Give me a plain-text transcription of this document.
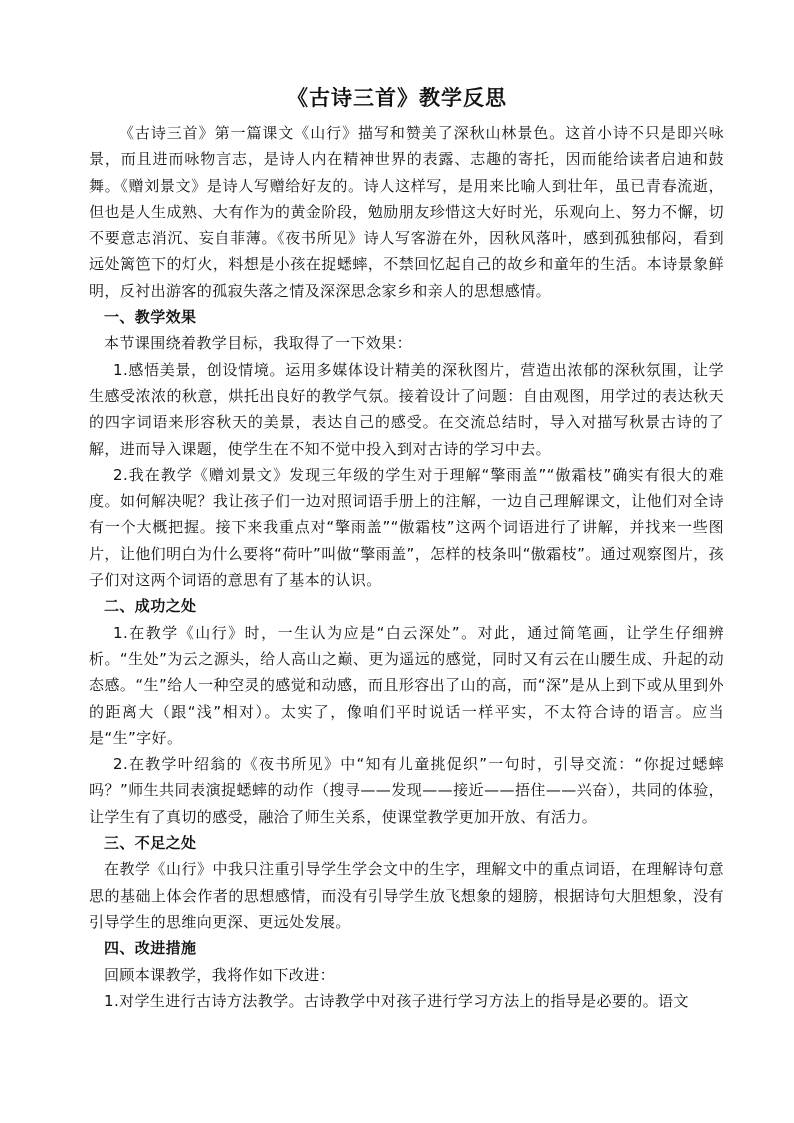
《古诗三首》教学反思

《古诗三首》第一篇课文《山行》描写和赞美了深秋山林景色。这首小诗不只是即兴咏景，而且进而咏物言志，是诗人内在精神世界的表露、志趣的寄托，因而能给读者启迪和鼓舞。《赠刘景文》是诗人写赠给好友的。诗人这样写，是用来比喻人到壮年，虽已青春流逝，但也是人生成熟、大有作为的黄金阶段，勉励朋友珍惜这大好时光，乐观向上、努力不懈，切不要意志消沉、妄自菲薄。《夜书所见》诗人写客游在外，因秋风落叶，感到孤独郁闷，看到远处篱笆下的灯火，料想是小孩在捉蟋蟀，不禁回忆起自己的故乡和童年的生活。本诗景象鲜明，反衬出游客的孤寂失落之情及深深思念家乡和亲人的思想感情。

一、教学效果

本节课围绕着教学目标，我取得了一下效果：

1.感悟美景，创设情境。运用多媒体设计精美的深秋图片，营造出浓郁的深秋氛围，让学生感受浓浓的秋意，烘托出良好的教学气氛。接着设计了问题：自由观图，用学过的表达秋天的四字词语来形容秋天的美景，表达自己的感受。在交流总结时，导入对描写秋景古诗的了解，进而导入课题，使学生在不知不觉中投入到对古诗的学习中去。

2.我在教学《赠刘景文》发现三年级的学生对于理解“擎雨盖”“傲霜枝”确实有很大的难度。如何解决呢？我让孩子们一边对照词语手册上的注解，一边自己理解课文，让他们对全诗有一个大概把握。接下来我重点对“擎雨盖”“傲霜枝”这两个词语进行了讲解，并找来一些图片，让他们明白为什么要将“荷叶”叫做“擎雨盖”，怎样的枝条叫“傲霜枝”。通过观察图片，孩子们对这两个词语的意思有了基本的认识。

二、成功之处

1.在教学《山行》时，一生认为应是“白云深处”。对此，通过简笔画，让学生仔细辨析。“生处”为云之源头，给人高山之巅、更为遥远的感觉，同时又有云在山腰生成、升起的动态感。“生”给人一种空灵的感觉和动感，而且形容出了山的高，而“深”是从上到下或从里到外的距离大（跟“浅”相对）。太实了，像咱们平时说话一样平实，不太符合诗的语言。应当是“生”字好。

2.在教学叶绍翁的《夜书所见》中“知有儿童挑促织”一句时，引导交流：“你捉过蟋蟀吗？”师生共同表演捉蟋蟀的动作（搜寻——发现——接近——捂住——兴奋），共同的体验，让学生有了真切的感受，融洽了师生关系，使课堂教学更加开放、有活力。

三、不足之处

在教学《山行》中我只注重引导学生学会文中的生字，理解文中的重点词语，在理解诗句意思的基础上体会作者的思想感情，而没有引导学生放飞想象的翅膀，根据诗句大胆想象，没有引导学生的思维向更深、更远处发展。

四、改进措施

回顾本课教学，我将作如下改进：

1.对学生进行古诗方法教学。古诗教学中对孩子进行学习方法上的指导是必要的。语文
